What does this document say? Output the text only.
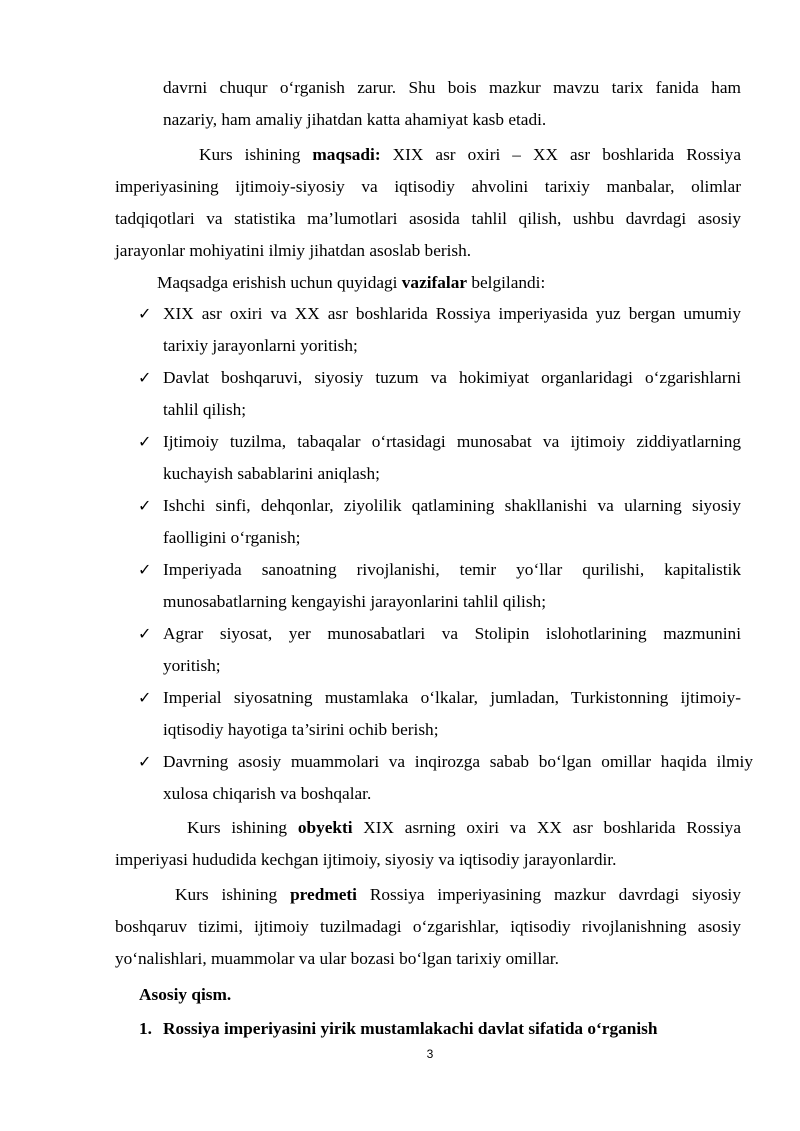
davrni chuqur o‘rganish zarur. Shu bois mazkur mavzu tarix fanida ham
nazariy, ham amaliy jihatdan katta ahamiyat kasb etadi.
Kurs ishining maqsadi: XIX asr oxiri – XX asr boshlarida Rossiya
imperiyasining ijtimoiy-siyosiy va iqtisodiy ahvolini tarixiy manbalar, olimlar
tadqiqotlari va statistika ma’lumotlari asosida tahlil qilish, ushbu davrdagi asosiy
jarayonlar mohiyatini ilmiy jihatdan asoslab berish.
Maqsadga erishish uchun quyidagi vazifalar belgilandi:
✓ XIX asr oxiri va XX asr boshlarida Rossiya imperiyasida yuz bergan umumiy
tarixiy jarayonlarni yoritish;
✓ Davlat boshqaruvi, siyosiy tuzum va hokimiyat organlaridagi o‘zgarishlarni
tahlil qilish;
✓ Ijtimoiy tuzilma, tabaqalar o‘rtasidagi munosabat va ijtimoiy ziddiyatlarning
kuchayish sabablarini aniqlash;
✓ Ishchi sinfi, dehqonlar, ziyolilik qatlamining shakllanishi va ularning siyosiy
faolligini o‘rganish;
✓ Imperiyada sanoatning rivojlanishi, temir yo‘llar qurilishi, kapitalistik
munosabatlarning kengayishi jarayonlarini tahlil qilish;
✓ Agrar siyosat, yer munosabatlari va Stolipin islohotlarining mazmunini
yoritish;
✓ Imperial siyosatning mustamlaka o‘lkalar, jumladan, Turkistonning ijtimoiy-
iqtisodiy hayotiga ta’sirini ochib berish;
✓ Davrning asosiy muammolari va inqirozga sabab bo‘lgan omillar haqida ilmiy
xulosa chiqarish va boshqalar.
Kurs ishining obyekti XIX asrning oxiri va XX asr boshlarida Rossiya
imperiyasi hududida kechgan ijtimoiy, siyosiy va iqtisodiy jarayonlardir.
Kurs ishining predmeti Rossiya imperiyasining mazkur davrdagi siyosiy
boshqaruv tizimi, ijtimoiy tuzilmadagi o‘zgarishlar, iqtisodiy rivojlanishning asosiy
yo‘nalishlari, muammolar va ular bozasi bo‘lgan tarixiy omillar.
Asosiy qism.
1. Rossiya imperiyasini yirik mustamlakachi davlat sifatida o‘rganish
3
